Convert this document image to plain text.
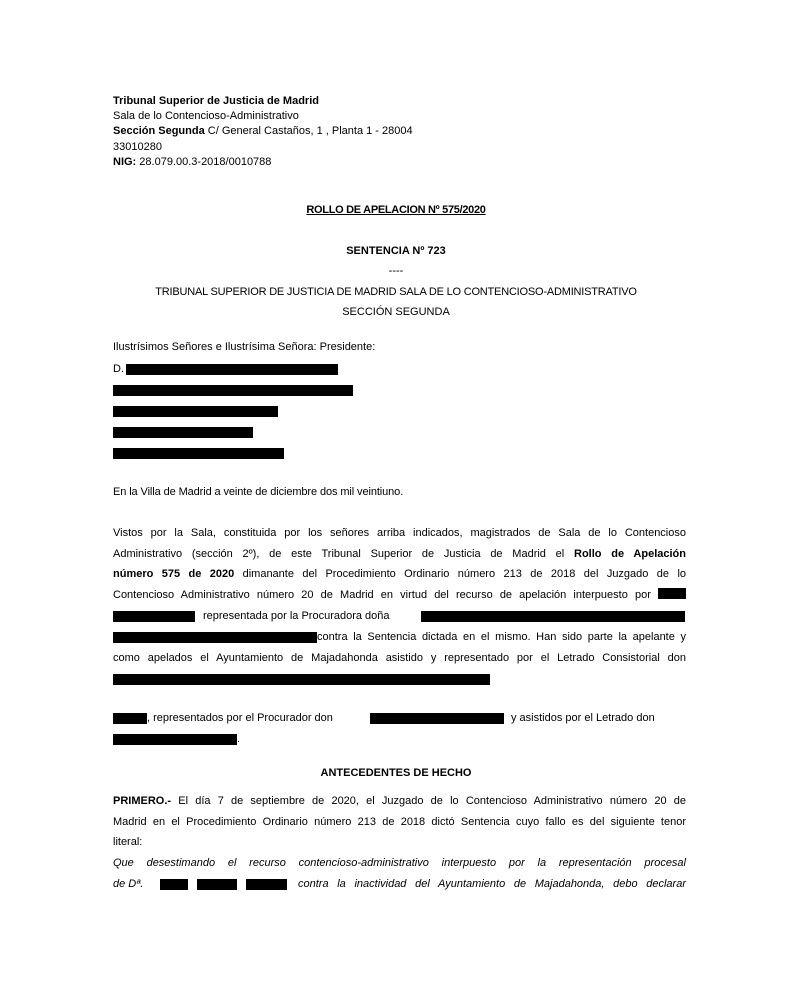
Tribunal Superior de Justicia de Madrid
Sala de lo Contencioso-Administrativo
Sección Segunda C/ General Castaños, 1 , Planta 1 - 28004
33010280
NIG: 28.079.00.3-2018/0010788
ROLLO DE APELACION Nº 575/2020
SENTENCIA Nº 723
----
TRIBUNAL SUPERIOR DE JUSTICIA DE MADRID SALA DE LO CONTENCIOSO-ADMINISTRATIVO
SECCIÓN SEGUNDA
Ilustrísimos Señores e Ilustrísima Señora: Presidente:
D.
En la Villa de Madrid a veinte de diciembre dos mil veintiuno.
Vistos por la Sala, constituida por los señores arriba indicados, magistrados de Sala de lo Contencioso
Administrativo (sección 2º), de este Tribunal Superior de Justicia de Madrid el Rollo de Apelación
número 575 de 2020 dimanante del Procedimiento Ordinario número 213 de 2018 del Juzgado de lo
Contencioso Administrativo número 20 de Madrid en virtud del recurso de apelación interpuesto por
representada por la Procuradora doña
contra la Sentencia dictada en el mismo. Han sido parte la apelante y
como apelados el Ayuntamiento de Majadahonda asistido y representado por el Letrado Consistorial don
, representados por el Procurador don	y asistidos por el Letrado don
.
ANTECEDENTES DE HECHO
PRIMERO.- El día 7 de septiembre de 2020, el Juzgado de lo Contencioso Administrativo número 20 de
Madrid en el Procedimiento Ordinario número 213 de 2018 dictó Sentencia cuyo fallo es del siguiente tenor
literal:
Que desestimando el recurso contencioso-administrativo interpuesto por la representación procesal
de Dª.	contra la inactividad del Ayuntamiento de Majadahonda, debo declarar
